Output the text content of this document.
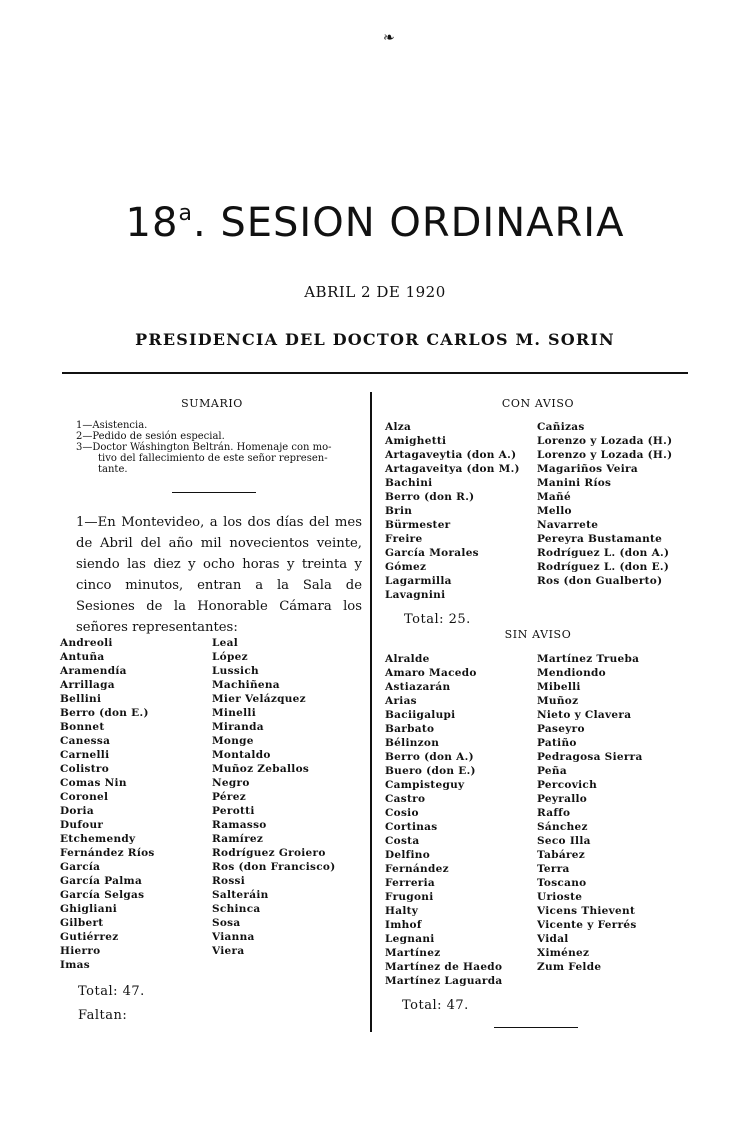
❧
18$^a$. SESION ORDINARIA
ABRIL 2 DE 1920
PRESIDENCIA DEL DOCTOR CARLOS M. SORIN
SUMARIO
1—Asistencia.
2—Pedido de sesión especial.
3—Doctor Wáshington Beltrán. Homenaje con mo-
tivo del fallecimiento de este señor represen-
tante.
1—En Montevideo, a los dos días del mes de Abril del año mil novecientos veinte, siendo las diez y ocho horas y treinta y cinco minutos, entran a la Sala de Sesiones de la Honorable Cámara los señores representantes:
Andreoli
Antuña
Aramendía
Arrillaga
Bellini
Berro (don E.)
Bonnet
Canessa
Carnelli
Colistro
Comas Nin
Coronel
Doria
Dufour
Etchemendy
Fernández Ríos
García
García Palma
García Selgas
Ghigliani
Gilbert
Gutiérrez
Hierro
Imas
Leal
López
Lussich
Machiñena
Mier Velázquez
Minelli
Miranda
Monge
Montaldo
Muñoz Zeballos
Negro
Pérez
Perotti
Ramasso
Ramírez
Rodríguez Groiero
Ros (don Francisco)
Rossi
Salteráin
Schinca
Sosa
Vianna
Viera
Total: 47.
Faltan:
CON AVISO
Alza
Amighetti
Artagaveytia (don A.)
Artagaveitya (don M.)
Bachini
Berro (don R.)
Brin
Bürmester
Freire
García Morales
Gómez
Lagarmilla
Lavagnini
Cañizas
Lorenzo y Lozada (H.)
Lorenzo y Lozada (H.)
Magariños Veira
Manini Ríos
Mañé
Mello
Navarrete
Pereyra Bustamante
Rodríguez L. (don A.)
Rodríguez L. (don E.)
Ros (don Gualberto)
Total: 25.
SIN AVISO
Alralde
Amaro Macedo
Astiazarán
Arias
Baciigalupi
Barbato
Bélinzon
Berro (don A.)
Buero (don E.)
Campisteguy
Castro
Cosio
Cortinas
Costa
Delfino
Fernández
Ferreria
Frugoni
Halty
Imhof
Legnani
Martínez
Martínez de Haedo
Martínez Laguarda
Martínez Trueba
Mendiondo
Mibelli
Muñoz
Nieto y Clavera
Paseyro
Patiño
Pedragosa Sierra
Peña
Percovich
Peyrallo
Raffo
Sánchez
Seco Illa
Tabárez
Terra
Toscano
Urioste
Vicens Thievent
Vicente y Ferrés
Vidal
Ximénez
Zum Felde
Total: 47.
